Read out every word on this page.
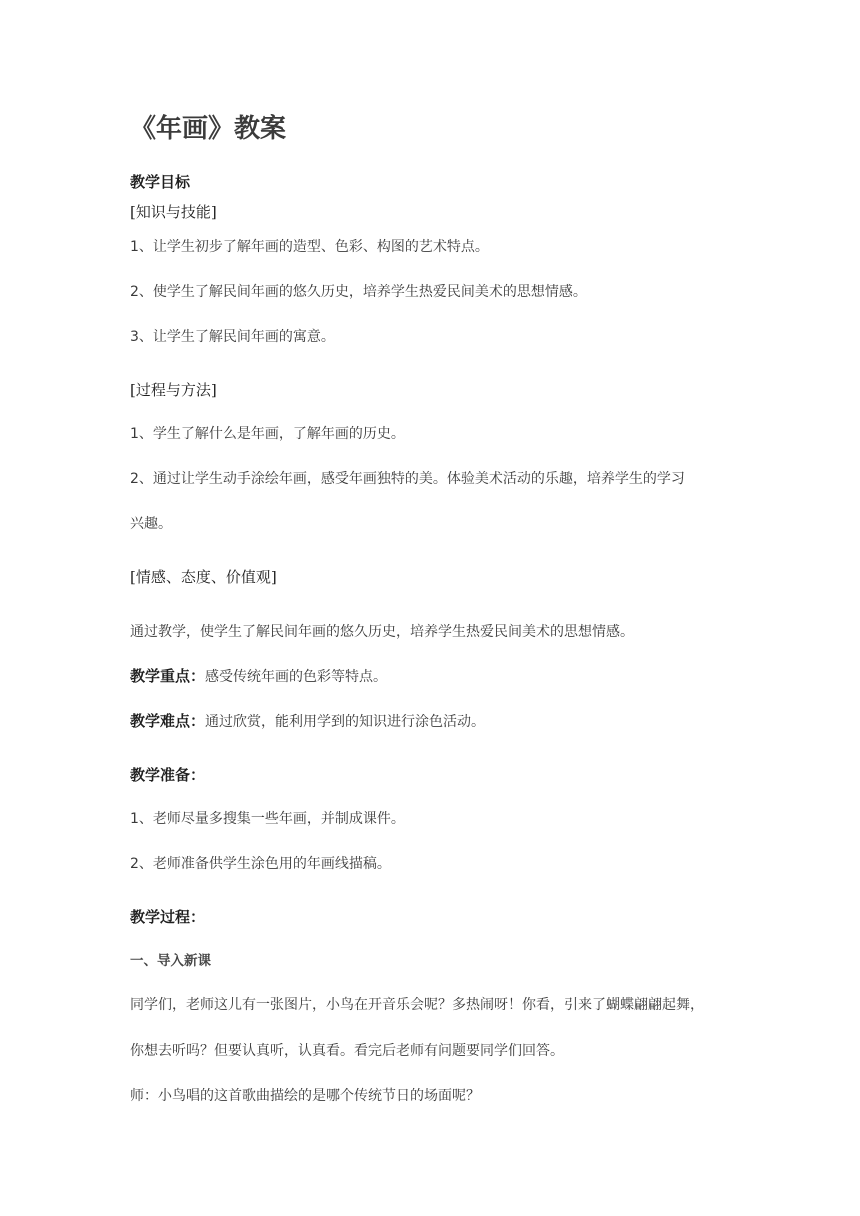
《年画》教案
教学目标
[知识与技能]
1、让学生初步了解年画的造型、色彩、构图的艺术特点。
2、使学生了解民间年画的悠久历史，培养学生热爱民间美术的思想情感。
3、让学生了解民间年画的寓意。
[过程与方法]
1、学生了解什么是年画，了解年画的历史。
2、通过让学生动手涂绘年画，感受年画独特的美。体验美术活动的乐趣，培养学生的学习
兴趣。
[情感、态度、价值观]
通过教学，使学生了解民间年画的悠久历史，培养学生热爱民间美术的思想情感。
教学重点：感受传统年画的色彩等特点。
教学难点：通过欣赏，能利用学到的知识进行涂色活动。
教学准备：
1、老师尽量多搜集一些年画，并制成课件。
2、老师准备供学生涂色用的年画线描稿。
教学过程：
一、导入新课
同学们，老师这儿有一张图片，小鸟在开音乐会呢？多热闹呀！你看，引来了蝴蝶翩翩起舞，
你想去听吗？但要认真听，认真看。看完后老师有问题要同学们回答。
师：小鸟唱的这首歌曲描绘的是哪个传统节日的场面呢？
